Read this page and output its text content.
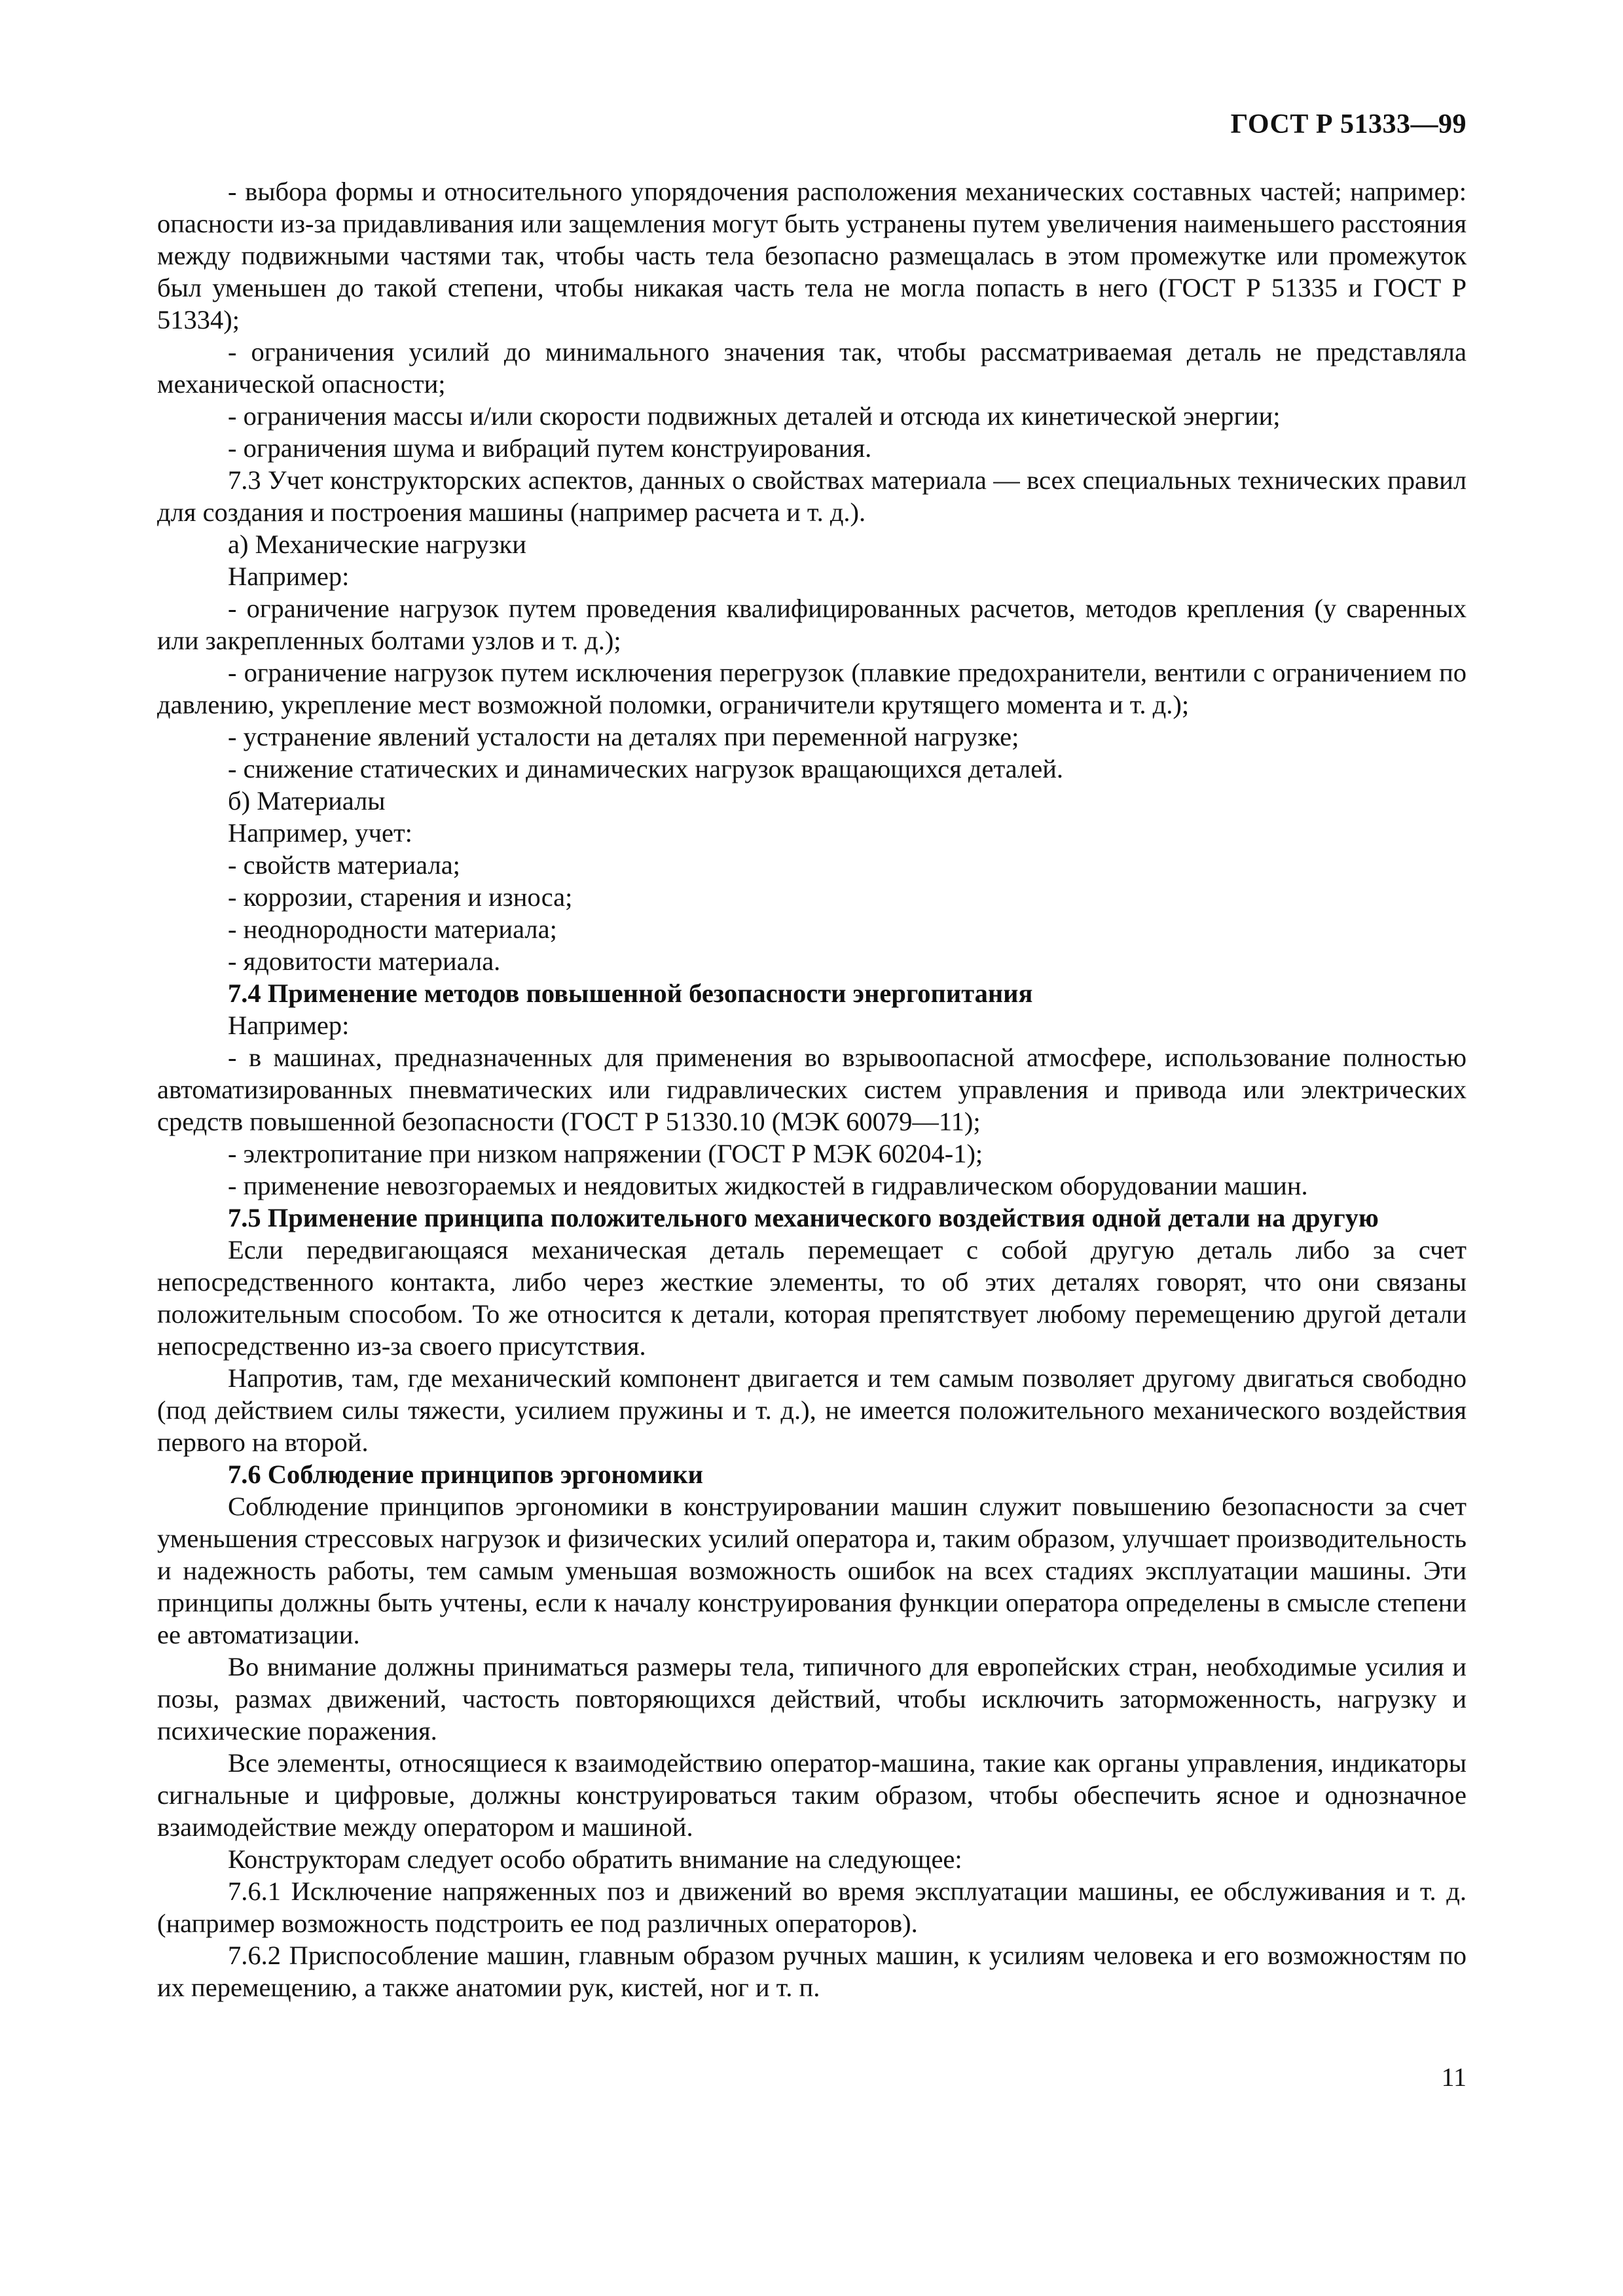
ГОСТ Р 51333—99

- выбора формы и относительного упорядочения расположения механических составных частей; например: опасности из-за придавливания или защемления могут быть устранены путем увеличения наименьшего расстояния между подвижными частями так, чтобы часть тела безопасно размещалась в этом промежутке или промежуток был уменьшен до такой степени, чтобы никакая часть тела не могла попасть в него (ГОСТ Р 51335 и ГОСТ Р 51334);

- ограничения усилий до минимального значения так, чтобы рассматриваемая деталь не представляла механической опасности;

- ограничения массы и/или скорости подвижных деталей и отсюда их кинетической энергии;

- ограничения шума и вибраций путем конструирования.

7.3 Учет конструкторских аспектов, данных о свойствах материала — всех специальных технических правил для создания и построения машины (например расчета и т. д.).

а) Механические нагрузки

Например:

- ограничение нагрузок путем проведения квалифицированных расчетов, методов крепления (у сваренных или закрепленных болтами узлов и т. д.);

- ограничение нагрузок путем исключения перегрузок (плавкие предохранители, вентили с ограничением по давлению, укрепление мест возможной поломки, ограничители крутящего момента и т. д.);

- устранение явлений усталости на деталях при переменной нагрузке;

- снижение статических и динамических нагрузок вращающихся деталей.

б) Материалы

Например, учет:

- свойств материала;

- коррозии, старения и износа;

- неоднородности материала;

- ядовитости материала.

7.4 Применение методов повышенной безопасности энергопитания

Например:

- в машинах, предназначенных для применения во взрывоопасной атмосфере, использование полностью автоматизированных пневматических или гидравлических систем управления и привода или электрических средств повышенной безопасности (ГОСТ Р 51330.10 (МЭК 60079—11);

- электропитание при низком напряжении (ГОСТ Р МЭК 60204-1);

- применение невозгораемых и неядовитых жидкостей в гидравлическом оборудовании машин.

7.5 Применение принципа положительного механического воздействия одной детали на другую

Если передвигающаяся механическая деталь перемещает с собой другую деталь либо за счет непосредственного контакта, либо через жесткие элементы, то об этих деталях говорят, что они связаны положительным способом. То же относится к детали, которая препятствует любому перемещению другой детали непосредственно из-за своего присутствия.

Напротив, там, где механический компонент двигается и тем самым позволяет другому двигаться свободно (под действием силы тяжести, усилием пружины и т. д.), не имеется положительного механического воздействия первого на второй.

7.6 Соблюдение принципов эргономики

Соблюдение принципов эргономики в конструировании машин служит повышению безопасности за счет уменьшения стрессовых нагрузок и физических усилий оператора и, таким образом, улучшает производительность и надежность работы, тем самым уменьшая возможность ошибок на всех стадиях эксплуатации машины. Эти принципы должны быть учтены, если к началу конструирования функции оператора определены в смысле степени ее автоматизации.

Во внимание должны приниматься размеры тела, типичного для европейских стран, необходимые усилия и позы, размах движений, частость повторяющихся действий, чтобы исключить заторможенность, нагрузку и психические поражения.

Все элементы, относящиеся к взаимодействию оператор-машина, такие как органы управления, индикаторы сигнальные и цифровые, должны конструироваться таким образом, чтобы обеспечить ясное и однозначное взаимодействие между оператором и машиной.

Конструкторам следует особо обратить внимание на следующее:

7.6.1 Исключение напряженных поз и движений во время эксплуатации машины, ее обслуживания и т. д. (например возможность подстроить ее под различных операторов).

7.6.2 Приспособление машин, главным образом ручных машин, к усилиям человека и его возможностям по их перемещению, а также анатомии рук, кистей, ног и т. п.

11
